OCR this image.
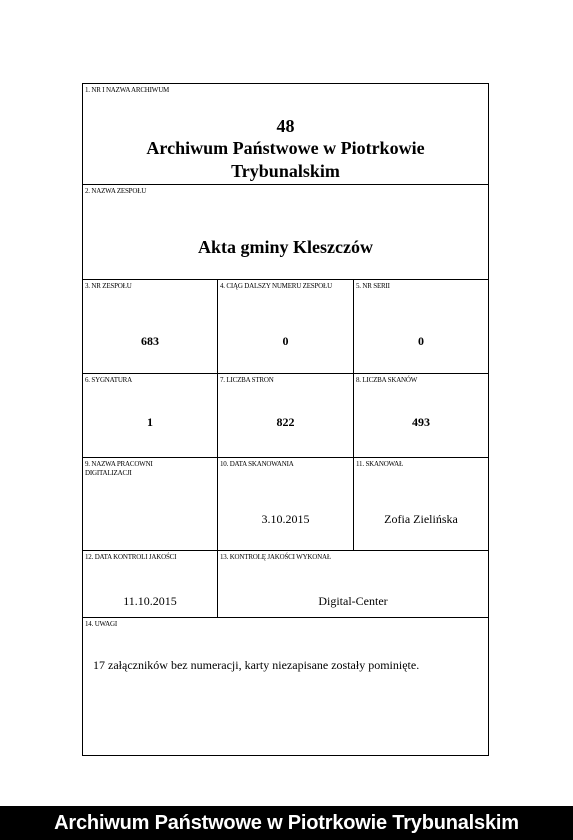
1. NR I NAZWA ARCHIWUM
48
Archiwum Państwowe w Piotrkowie Trybunalskim
2. NAZWA ZESPOŁU
Akta gminy Kleszczów
3. NR ZESPOŁU
683
4. CIĄG DALSZY NUMERU ZESPOŁU
0
5. NR SERII
0
6. SYGNATURA
1
7. LICZBA STRON
822
8. LICZBA SKANÓW
493
9. NAZWA PRACOWNI DIGITALIZACJI
10. DATA SKANOWANIA
3.10.2015
11. SKANOWAŁ
Zofia Zielińska
12. DATA KONTROLI JAKOŚCI
11.10.2015
13. KONTROLĘ JAKOŚCI WYKONAŁ
Digital-Center
14. UWAGI
17 załączników bez numeracji, karty niezapisane zostały pominięte.
Archiwum Państwowe w Piotrkowie Trybunalskim
